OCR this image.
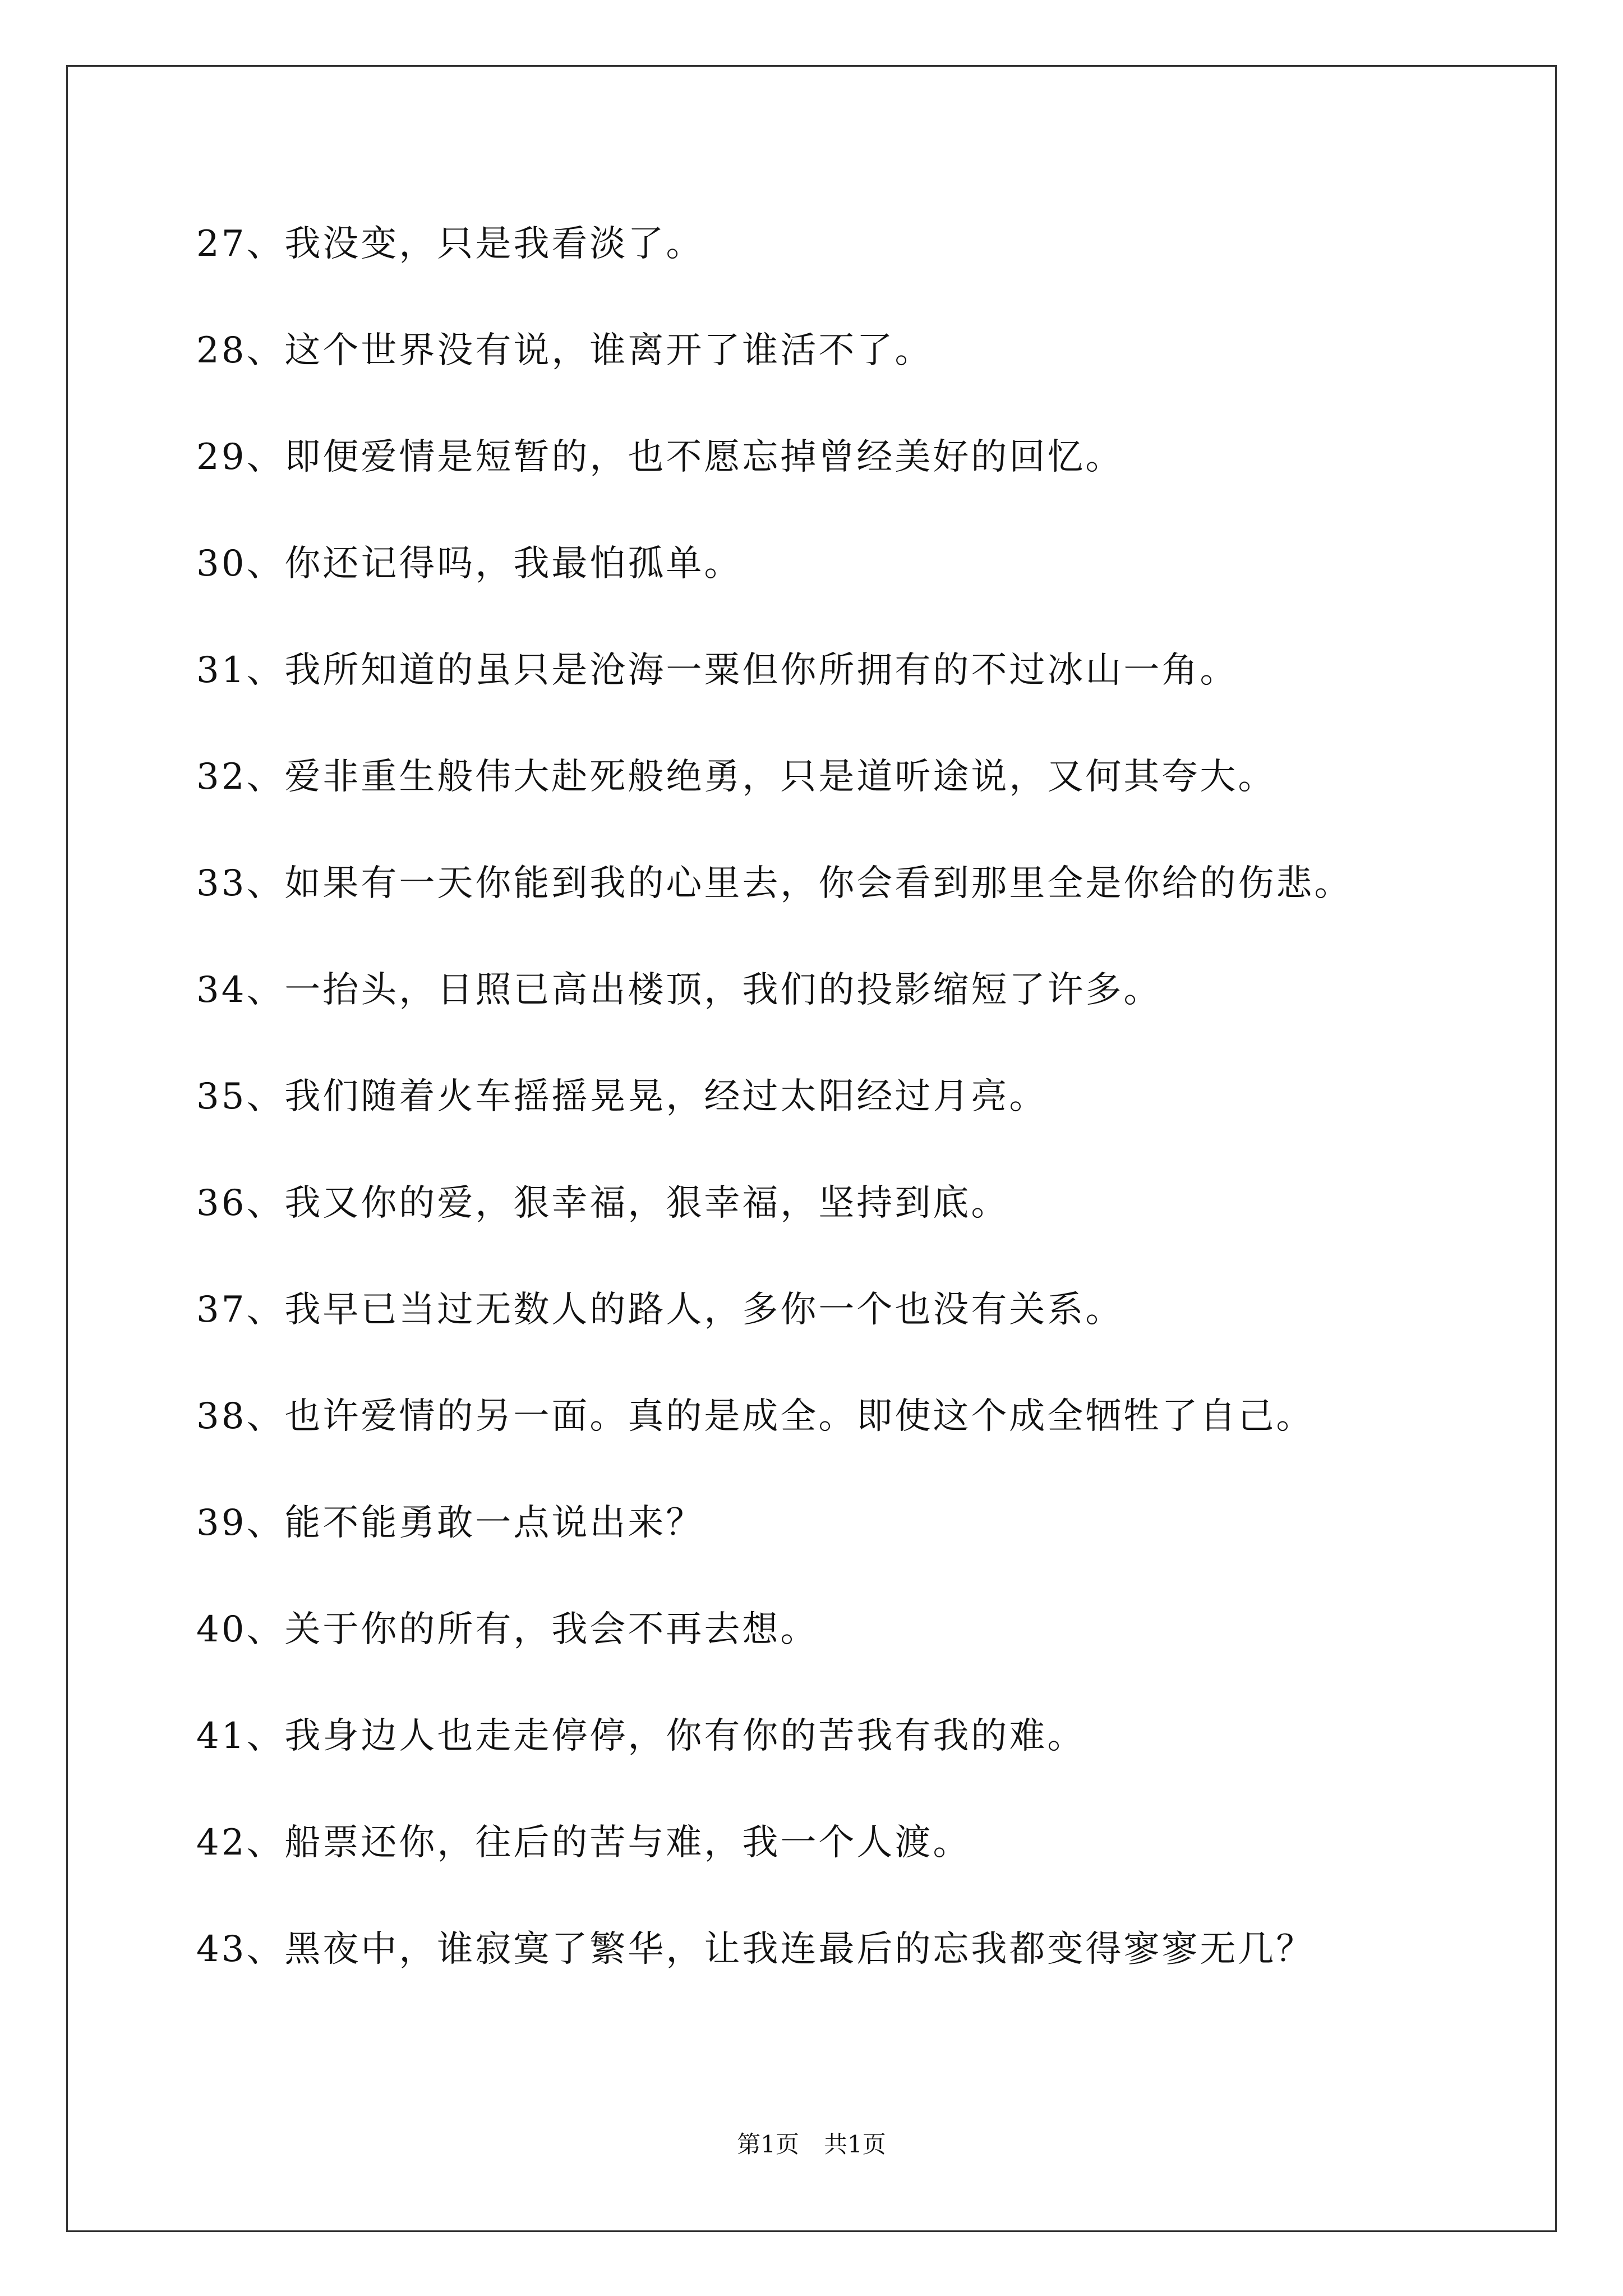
27、我没变，只是我看淡了。
28、这个世界没有说，谁离开了谁活不了。
29、即便爱情是短暂的，也不愿忘掉曾经美好的回忆。
30、你还记得吗，我最怕孤单。
31、我所知道的虽只是沧海一粟但你所拥有的不过冰山一角。
32、爱非重生般伟大赴死般绝勇，只是道听途说，又何其夸大。
33、如果有一天你能到我的心里去，你会看到那里全是你给的伤悲。
34、一抬头，日照已高出楼顶，我们的投影缩短了许多。
35、我们随着火车摇摇晃晃，经过太阳经过月亮。
36、我又你的爱，狠幸福，狠幸福，坚持到底。
37、我早已当过无数人的路人，多你一个也没有关系。
38、也许爱情的另一面。真的是成全。即使这个成全牺牲了自己。
39、能不能勇敢一点说出来？
40、关于你的所有，我会不再去想。
41、我身边人也走走停停，你有你的苦我有我的难。
42、船票还你，往后的苦与难，我一个人渡。
43、黑夜中，谁寂寞了繁华，让我连最后的忘我都变得寥寥无几？
第1页 共1页
